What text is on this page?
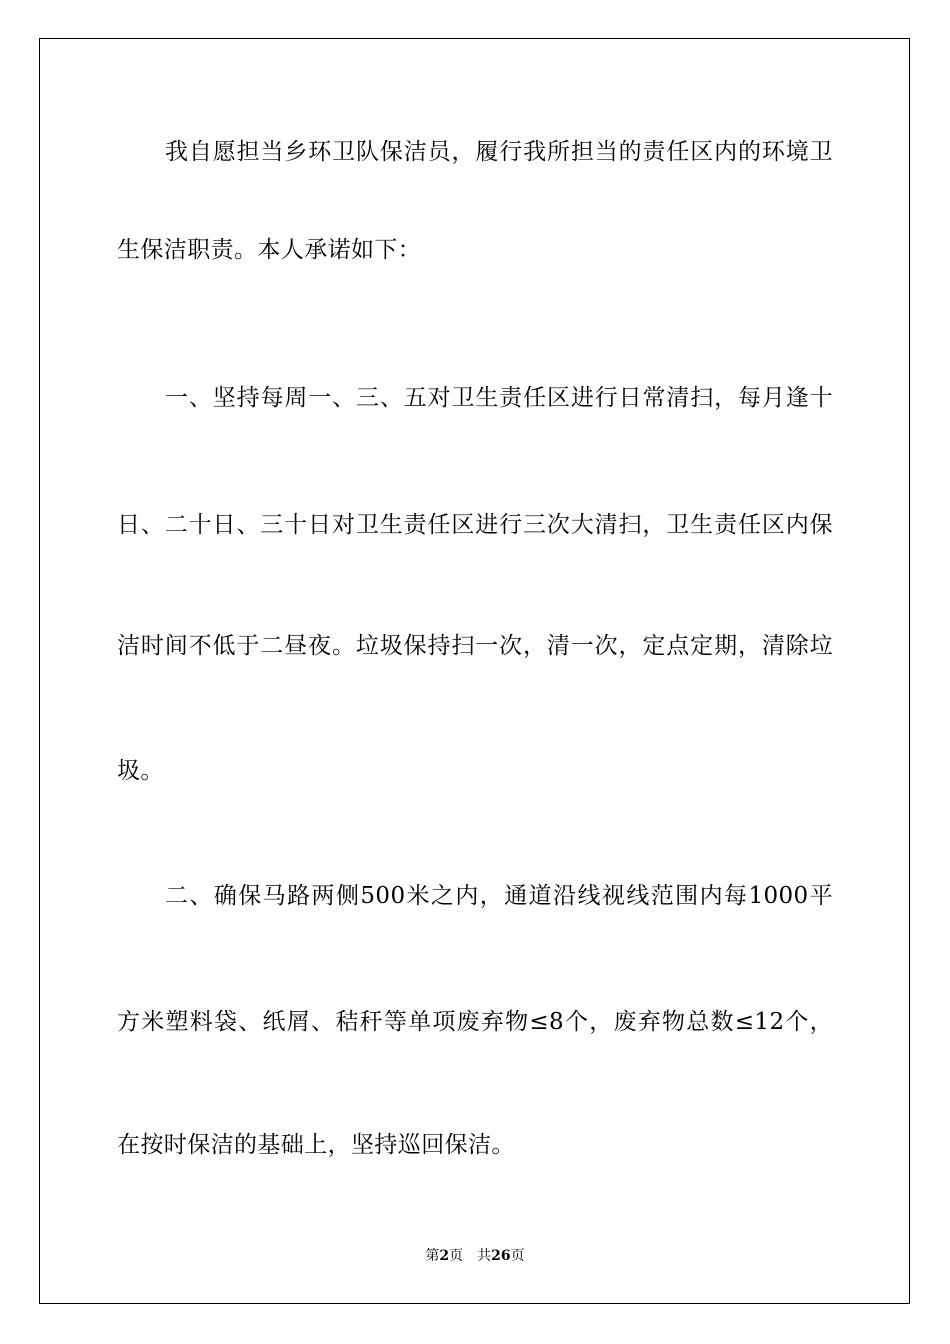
我自愿担当乡环卫队保洁员，履行我所担当的责任区内的环境卫
生保洁职责。本人承诺如下：
一、坚持每周一、三、五对卫生责任区进行日常清扫，每月逢十
日、二十日、三十日对卫生责任区进行三次大清扫，卫生责任区内保
洁时间不低于二昼夜。垃圾保持扫一次，清一次，定点定期，清除垃
圾。
二、确保马路两侧500米之内，通道沿线视线范围内每1000平
方米塑料袋、纸屑、秸秆等单项废弃物≤8个，废弃物总数≤12个，
在按时保洁的基础上，坚持巡回保洁。
第2页　共26页
